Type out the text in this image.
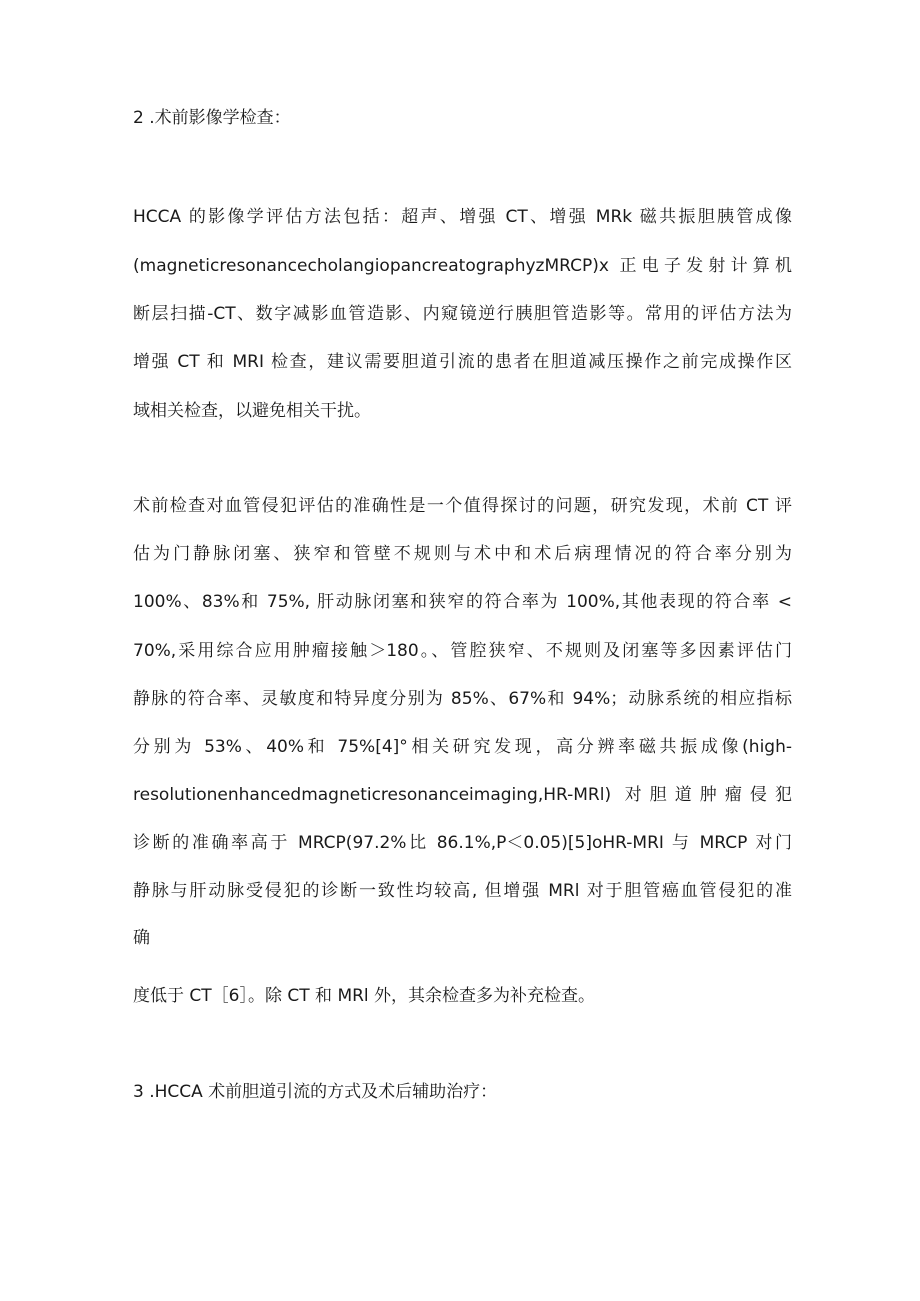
2 .术前影像学检查：
HCCA 的影像学评估方法包括：超声、增强 CT、增强 MRk 磁共振胆胰管成像
(magneticresonancecholangiopancreatographyzMRCP)x 正电子发射计算机
断层扫描-CT、数字减影血管造影、内窥镜逆行胰胆管造影等。常用的评估方法为
增强 CT 和 MRI 检查，建议需要胆道引流的患者在胆道减压操作之前完成操作区
域相关检查，以避免相关干扰。
术前检查对血管侵犯评估的准确性是一个值得探讨的问题，研究发现，术前 CT 评
估为门静脉闭塞、狭窄和管壁不规则与术中和术后病理情况的符合率分别为
100%、83%和 75%, 肝动脉闭塞和狭窄的符合率为 100%,其他表现的符合率 <
70%,采用综合应用肿瘤接触＞180。、管腔狭窄、不规则及闭塞等多因素评估门
静脉的符合率、灵敏度和特异度分别为 85%、67%和 94%；动脉系统的相应指标
分别为 53%、40%和 75%[4]°相关研究发现，高分辨率磁共振成像(high-
resolutionenhancedmagneticresonanceimaging,HR-MRl) 对胆道肿瘤侵犯
诊断的准确率高于 MRCP(97.2%比 86.1%,P＜0.05)[5]oHR-MRI 与 MRCP 对门
静脉与肝动脉受侵犯的诊断一致性均较高, 但增强 MRl 对于胆管癌血管侵犯的准
确
度低于 CT［6］。除 CT 和 MRl 外，其余检查多为补充检查。
3 .HCCA 术前胆道引流的方式及术后辅助治疗：
